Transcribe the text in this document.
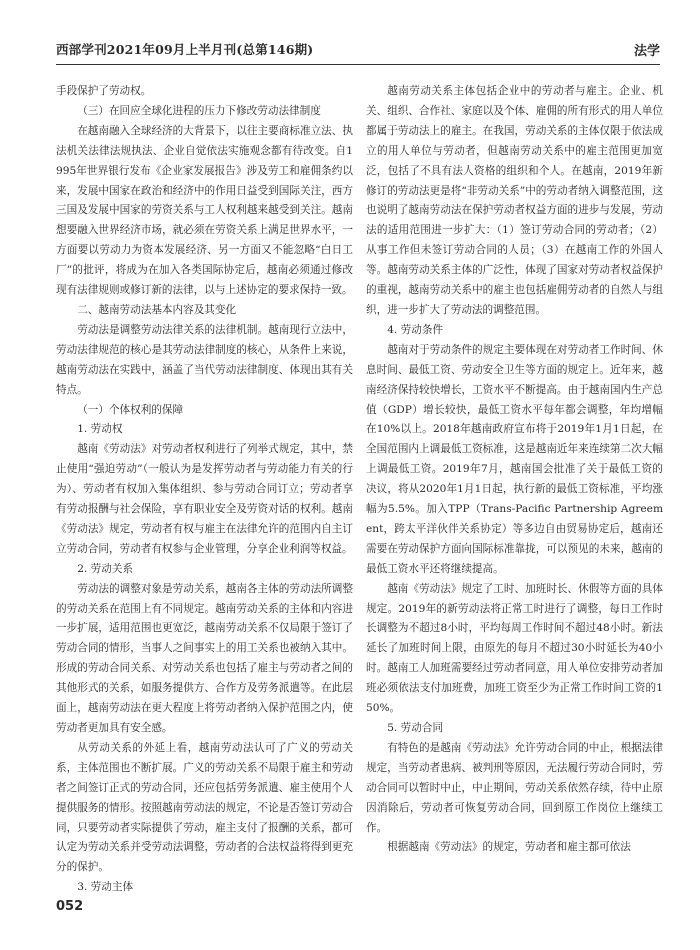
西部学刊2021年09月上半月刊(总第146期)	法学

手段保护了劳动权。

（三）在回应全球化进程的压力下修改劳动法律制度

在越南融入全球经济的大背景下，以往主要商标准立法、执法机关法律法规执法、企业自觉依法实施观念都有待改变。自1995年世界银行发布《企业家发展报告》涉及劳工和雇佣条约以来，发展中国家在政治和经济中的作用日益受到国际关注，西方三国及发展中国家的劳资关系与工人权利越来越受到关注。越南想要融入世界经济市场，就必须在劳资关系上满足世界水平，一方面要以劳动力为资本发展经济、另一方面又不能忽略“白日工厂”的批评，将成为在加入各类国际协定后，越南必须通过修改现有法律规则或修订新的法律，以与上述协定的要求保持一致。

二、越南劳动法基本内容及其变化

劳动法是调整劳动法律关系的法律机制。越南现行立法中，劳动法律规范的核心是其劳动法律制度的核心，从条件上来说，越南劳动法在实践中，涵盖了当代劳动法律制度、体现出其有关特点。

（一）个体权利的保障

1. 劳动权

越南《劳动法》对劳动者权利进行了列举式规定，其中，禁止使用“强迫劳动”（一般认为是发挥劳动者与劳动能力有关的行为）、劳动者有权加入集体组织、参与劳动合同订立；劳动者享有劳动报酬与社会保险，享有职业安全及劳资对话的权利。越南《劳动法》规定，劳动者有权与雇主在法律允许的范围内自主订立劳动合同，劳动者有权参与企业管理，分享企业利润等权益。

2. 劳动关系

劳动法的调整对象是劳动关系，越南各主体的劳动法所调整的劳动关系在范围上有不同规定。越南劳动关系的主体和内容进一步扩展，适用范围也更宽泛，越南劳动关系不仅局限于签订了劳动合同的情形，当事人之间事实上的用工关系也被纳入其中。形成的劳动合同关系、对劳动关系也包括了雇主与劳动者之间的其他形式的关系，如服务提供方、合作方及劳务派遣等。在此层面上，越南劳动法在更大程度上将劳动者纳入保护范围之内，使劳动者更加具有安全感。

从劳动关系的外延上看，越南劳动法认可了广义的劳动关系，主体范围也不断扩展。广义的劳动关系不局限于雇主和劳动者之间签订正式的劳动合同，还应包括劳务派遣、雇主使用个人提供服务的情形。按照越南劳动法的规定，不论是否签订劳动合同，只要劳动者实际提供了劳动，雇主支付了报酬的关系，都可认定为劳动关系并受劳动法调整，劳动者的合法权益将得到更充分的保护。

3. 劳动主体

越南劳动关系主体包括企业中的劳动者与雇主。企业、机关、组织、合作社、家庭以及个体、雇佣的所有形式的用人单位都属于劳动法上的雇主。在我国，劳动关系的主体仅限于依法成立的用人单位与劳动者，但越南劳动关系中的雇主范围更加宽泛，包括了不具有法人资格的组织和个人。在越南，2019年新修订的劳动法更是将“非劳动关系”中的劳动者纳入调整范围，这也说明了越南劳动法在保护劳动者权益方面的进步与发展，劳动法的适用范围进一步扩大：（1）签订劳动合同的劳动者；（2）从事工作但未签订劳动合同的人员；（3）在越南工作的外国人等。越南劳动关系主体的广泛性，体现了国家对劳动者权益保护的重视，越南劳动关系中的雇主也包括雇佣劳动者的自然人与组织，进一步扩大了劳动法的调整范围。

4. 劳动条件

越南对于劳动条件的规定主要体现在对劳动者工作时间、休息时间、最低工资、劳动安全卫生等方面的规定上。近年来，越南经济保持较快增长，工资水平不断提高。由于越南国内生产总值（GDP）增长较快，最低工资水平每年都会调整，年均增幅在10%以上。2018年越南政府宣布将于2019年1月1日起，在全国范围内上调最低工资标准，这是越南近年来连续第二次大幅上调最低工资。2019年7月，越南国会批准了关于最低工资的决议，将从2020年1月1日起，执行新的最低工资标准，平均涨幅为5.5%。加入TPP（Trans-Pacific Partnership Agreement，跨太平洋伙伴关系协定）等多边自由贸易协定后，越南还需要在劳动保护方面向国际标准靠拢，可以预见的未来，越南的最低工资水平还将继续提高。

越南《劳动法》规定了工时、加班时长、休假等方面的具体规定。2019年的新劳动法将正常工时进行了调整，每日工作时长调整为不超过8小时，平均每周工作时间不超过48小时。新法延长了加班时间上限，由原先的每月不超过30小时延长为40小时。越南工人加班需要经过劳动者同意，用人单位安排劳动者加班必须依法支付加班费，加班工资至少为正常工作时间工资的150%。

5. 劳动合同

有特色的是越南《劳动法》允许劳动合同的中止，根据法律规定，当劳动者患病、被判刑等原因，无法履行劳动合同时，劳动合同可以暂时中止，中止期间，劳动关系依然存续，待中止原因消除后，劳动者可恢复劳动合同，回到原工作岗位上继续工作。

根据越南《劳动法》的规定，劳动者和雇主都可依法

052
